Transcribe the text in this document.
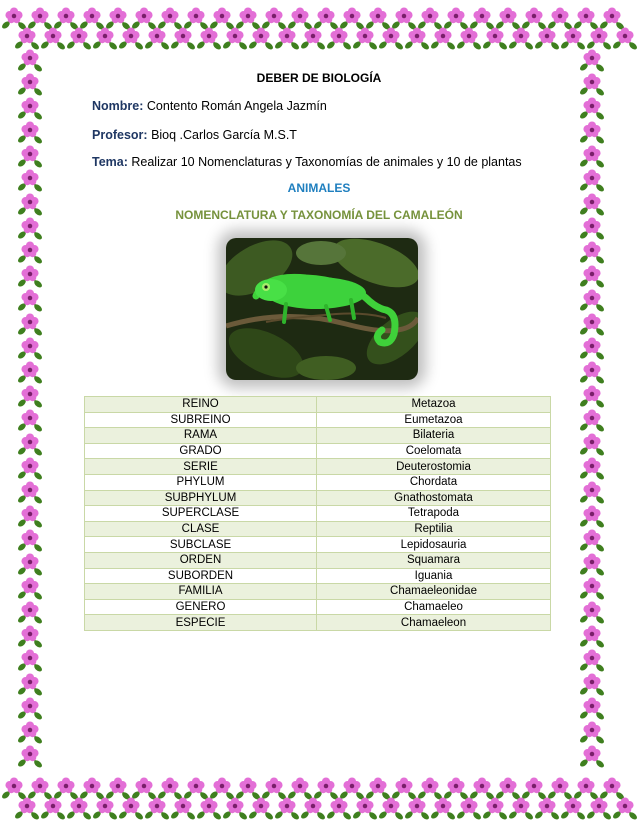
DEBER DE BIOLOGÍA
Nombre: Contento Román Angela Jazmín
Profesor: Bioq .Carlos García M.S.T
Tema: Realizar 10 Nomenclaturas y Taxonomías de animales y 10 de plantas
ANIMALES
NOMENCLATURA Y TAXONOMÍA DEL CAMALEÓN
REINO	Metazoa
SUBREINO	Eumetazoa
RAMA	Bilateria
GRADO	Coelomata
SERIE	Deuterostomia
PHYLUM	Chordata
SUBPHYLUM	Gnathostomata
SUPERCLASE	Tetrapoda
CLASE	Reptilia
SUBCLASE	Lepidosauria
ORDEN	Squamara
SUBORDEN	Iguania
FAMILIA	Chamaeleonidae
GENERO	Chamaeleo
ESPECIE	Chamaeleon
